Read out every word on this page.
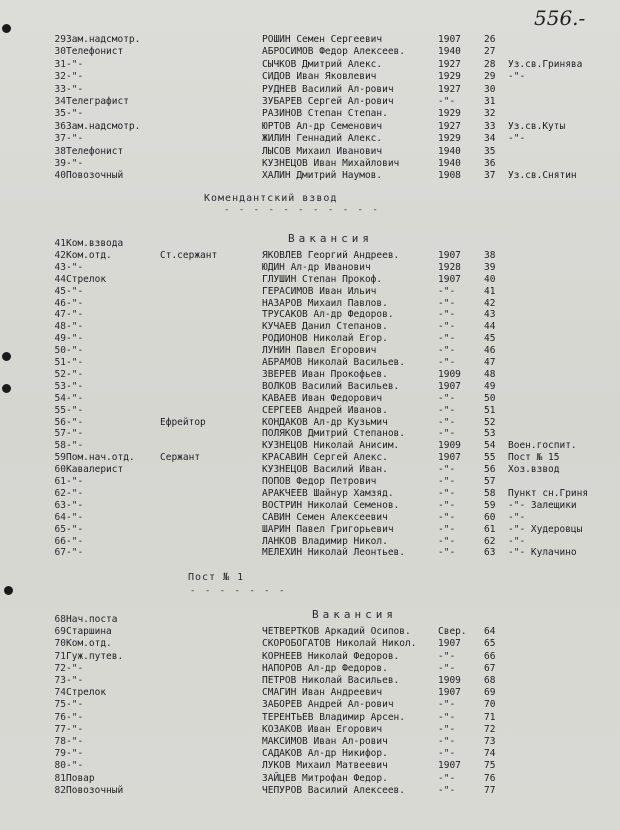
556.-
29 Зам.надсмотр.	РОШИН Семен Сергеевич	1907 26
30 Телефонист	АБРОСИМОВ Федор Алексеев.	1940 27
31 -"-	СЫЧКОВ Дмитрий Алекс.	1927 28 Уз.св.Гринява
32 -"-	СИДОВ Иван Яковлевич	1929 29 -"-
33 -"-	РУДНЕВ Василий Ал-рович	1927 30
34 Телеграфист	ЗУБАРЕВ Сергей Ал-рович	-"-	31
35 -"-	РАЗИНОВ Степан Степан.	1929 32
36 Зам.надсмотр.	ЮРТОВ Ал-др Семенович	1927 33 Уз.св.Куты
37 -"-	ЖИЛИН Геннадий Алекс.	1929 34 -"-
38 Телефонист	ЛЫСОВ Михаил Иванович	1940 35
39 -"-	КУЗНЕЦОВ Иван Михайлович	1940 36
40 Повозочный	ХАЛИН Дмитрий Наумов.	1908 37 Уз.св.Снятин
Комендантский взвод
- - - - - - - - - - -
Вакансия
41 Ком.взвода
42 Ком.отд.	Ст.сержант	ЯКОВЛЕВ Георгий Андреев.	1907 38
43 -"-	ЮДИН Ал-др Иванович	1928 39
44 Стрелок	ГЛУШИН Степан Прокоф.	1907 40
45 -"-	ГЕРАСИМОВ Иван Ильич	-"-	41
46 -"-	НАЗАРОВ Михаил Павлов.	-"-	42
47 -"-	ТРУСАКОВ Ал-др Федоров.	-"-	43
48 -"-	КУЧАЕВ Данил Степанов.	-"-	44
49 -"-	РОДИОНОВ Николай Егор.	-"-	45
50 -"-	ЛУНИН Павел Егорович	-"-	46
51 -"-	АБРАМОВ Николай Васильев.	-"-	47
52 -"-	ЗВЕРЕВ Иван Прокофьев.	1909 48
53 -"-	ВОЛКОВ Василий Васильев.	1907 49
54 -"-	КАВАЕВ Иван Федорович	-"-	50
55 -"-	СЕРГЕЕВ Андрей Иванов.	-"-	51
56 -"-	Ефрейтор	КОНДАКОВ Ал-др Кузьмич	-"-	52
57 -"-	ПОЛЯКОВ Дмитрий Степанов.	-"-	53
58 -"-	КУЗНЕЦОВ Николай Анисим.	1909 54 Воен.госпит.
59 Пом.нач.отд.	Сержант	КРАСАВИН Сергей Алекс.	1907 55 Пост № 15
60 Кавалерист	КУЗНЕЦОВ Василий Иван.	-"-	56 Хоз.взвод
61 -"-	ПОПОВ Федор Петрович	-"-	57
62 -"-	АРАКЧЕЕВ Шайнур Хамзяд.	-"-	58 Пункт сн.Гриня
63 -"-	ВОСТРИН Николай Семенов.	-"-	59 -"- Залещики
64 -"-	САВИН Семен Алексеевич	-"-	60 -"-
65 -"-	ШАРИН Павел Григорьевич	-"-	61 -"- Худеровцы
66 -"-	ЛАНКОВ Владимир Никол.	-"-	62 -"-
67 -"-	МЕЛЕХИН Николай Леонтьев.	-"-	63 -"- Кулачино
Пост № 1
- - - - - - -
Вакансия
68 Нач.поста
69 Старшина	ЧЕТВЕРТКОВ Аркадий Осипов.	Свер. 64
70 Ком.отд.	СКОРОБОГАТОВ Николай Никол. 1907 65
71 Гуж.путев.	КОРНЕЕВ Николай Федоров.	-"-	66
72 -"-	НАПОРОВ Ал-др Федоров.	-"-	67
73 -"-	ПЕТРОВ Николай Васильев.	1909 68
74 Стрелок	СМАГИН Иван Андреевич	1907 69
75 -"-	ЗАБОРЕВ Андрей Ал-рович	-"-	70
76 -"-	ТЕРЕНТЬЕВ Владимир Арсен.	-"-	71
77 -"-	КОЗАКОВ Иван Егорович	-"-	72
78 -"-	МАКСИМОВ Иван Ал-рович	-"-	73
79 -"-	САДАКОВ Ал-др Никифор.	-"-	74
80 -"-	ЛУКОВ Михаил Матвеевич	1907 75
81 Повар	ЗАЙЦЕВ Митрофан Федор.	-"-	76
82 Повозочный	ЧЕПУРОВ Василий Алексеев.	-"-	77
